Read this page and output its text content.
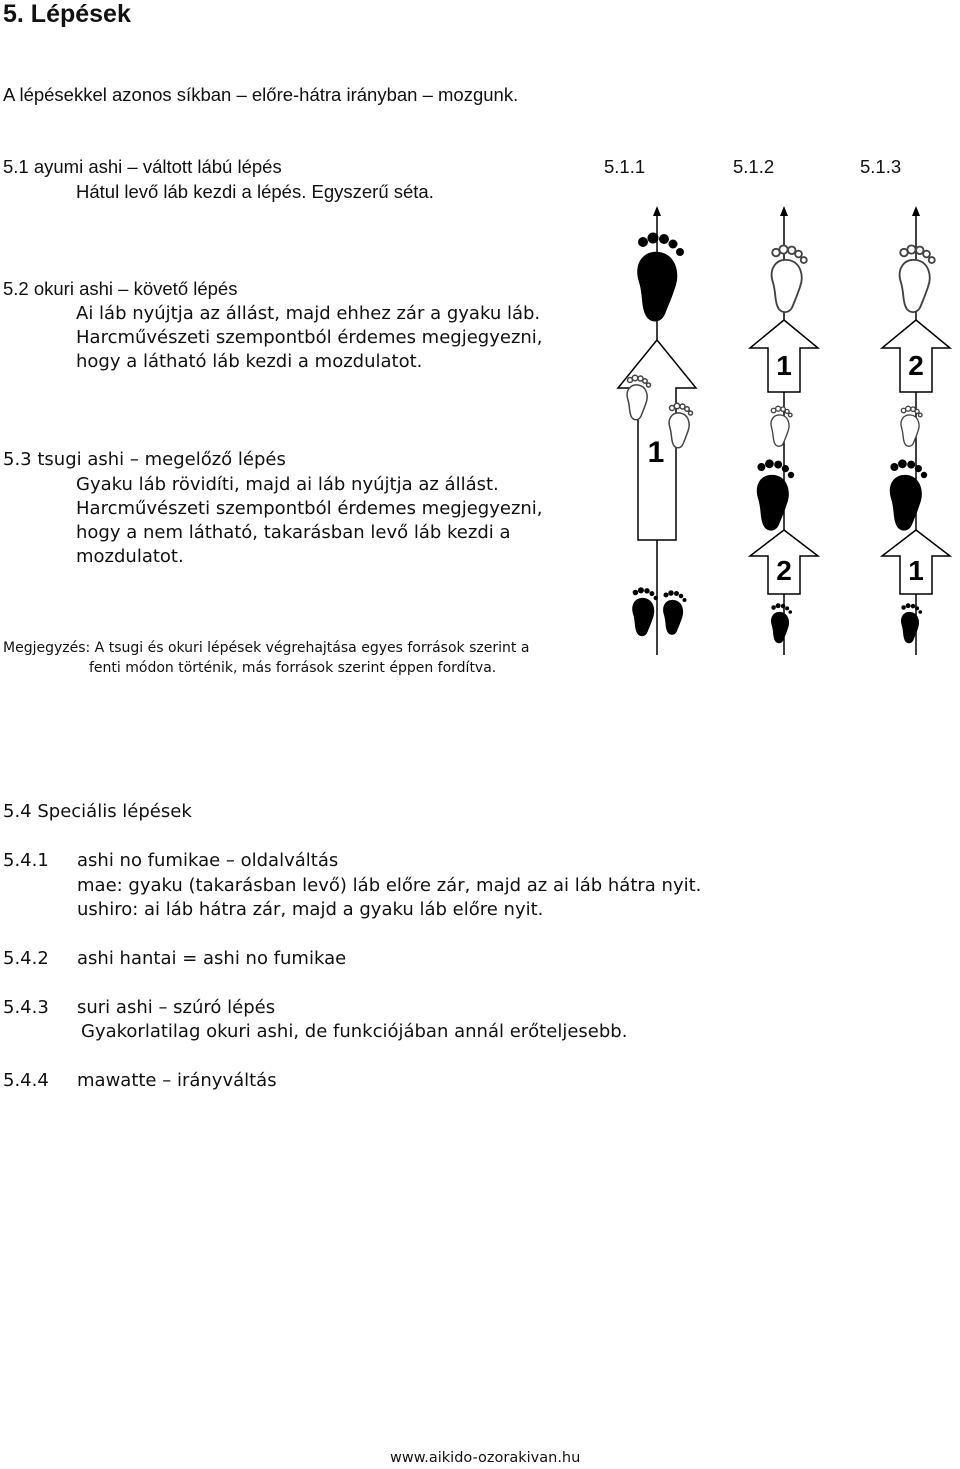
5. Lépések
A lépésekkel azonos síkban – előre-hátra irányban – mozgunk.
5.1 ayumi ashi – váltott lábú lépés
Hátul levő láb kezdi a lépés. Egyszerű séta.
5.1.1	5.1.2	5.1.3
5.2 okuri ashi – követő lépés
Ai láb nyújtja az állást, majd ehhez zár a gyaku láb.
Harcművészeti szempontból érdemes megjegyezni,
hogy a látható láb kezdi a mozdulatot.
5.3 tsugi ashi – megelőző lépés
Gyaku láb rövidíti, majd ai láb nyújtja az állást.
Harcművészeti szempontból érdemes megjegyezni,
hogy a nem látható, takarásban levő láb kezdi a
mozdulatot.
Megjegyzés: A tsugi és okuri lépések végrehajtása egyes források szerint a
fenti módon történik, más források szerint éppen fordítva.
5.4 Speciális lépések
5.4.1 ashi no fumikae – oldalváltás
mae: gyaku (takarásban levő) láb előre zár, majd az ai láb hátra nyit.
ushiro: ai láb hátra zár, majd a gyaku láb előre nyit.
5.4.2 ashi hantai = ashi no fumikae
5.4.3 suri ashi – szúró lépés
Gyakorlatilag okuri ashi, de funkciójában annál erőteljesebb.
5.4.4 mawatte – irányváltás
www.aikido-ozorakivan.hu
1
1
2
2
1
